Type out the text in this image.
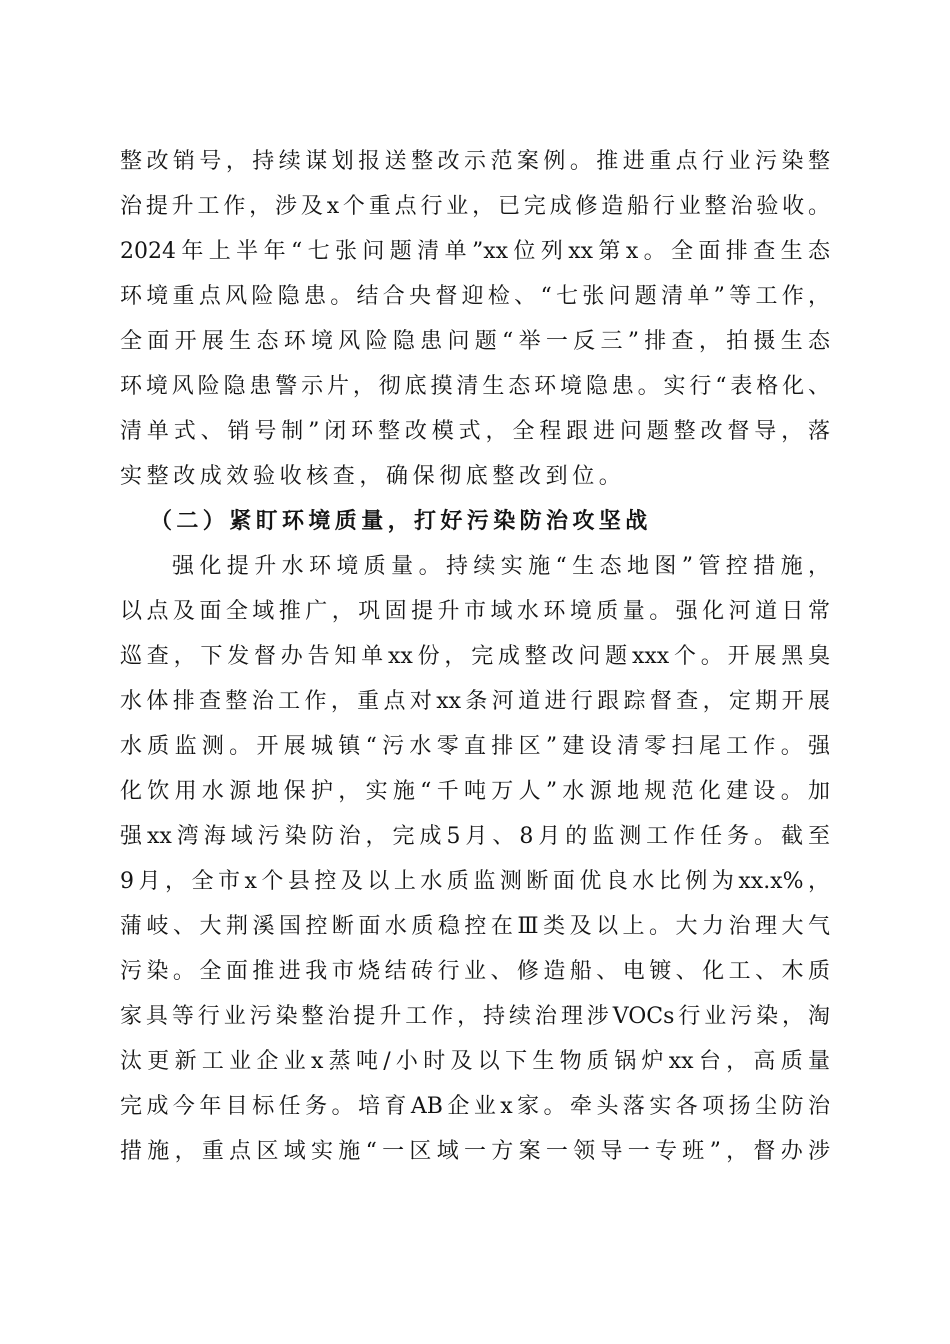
整改销号，持续谋划报送整改示范案例。推进重点行业污染整
治提升工作，涉及x个重点行业，已完成修造船行业整治验收。
2024年上半年“七张问题清单”xx位列xx第x。全面排查生态
环境重点风险隐患。结合央督迎检、“七张问题清单”等工作，
全面开展生态环境风险隐患问题“举一反三”排查，拍摄生态
环境风险隐患警示片，彻底摸清生态环境隐患。实行“表格化、
清单式、销号制”闭环整改模式，全程跟进问题整改督导，落
实整改成效验收核查，确保彻底整改到位。
（二）紧盯环境质量，打好污染防治攻坚战
强化提升水环境质量。持续实施“生态地图”管控措施，
以点及面全域推广，巩固提升市域水环境质量。强化河道日常
巡查，下发督办告知单xx份，完成整改问题xxx个。开展黑臭
水体排查整治工作，重点对xx条河道进行跟踪督查，定期开展
水质监测。开展城镇“污水零直排区”建设清零扫尾工作。强
化饮用水源地保护，实施“千吨万人”水源地规范化建设。加
强xx湾海域污染防治，完成5月、8月的监测工作任务。截至
9月，全市x个县控及以上水质监测断面优良水比例为xx.x%，
蒲岐、大荆溪国控断面水质稳控在Ⅲ类及以上。大力治理大气
污染。全面推进我市烧结砖行业、修造船、电镀、化工、木质
家具等行业污染整治提升工作，持续治理涉VOCs行业污染，淘
汰更新工业企业x蒸吨/小时及以下生物质锅炉xx台，高质量
完成今年目标任务。培育AB企业x家。牵头落实各项扬尘防治
措施，重点区域实施“一区域一方案一领导一专班”，督办涉
